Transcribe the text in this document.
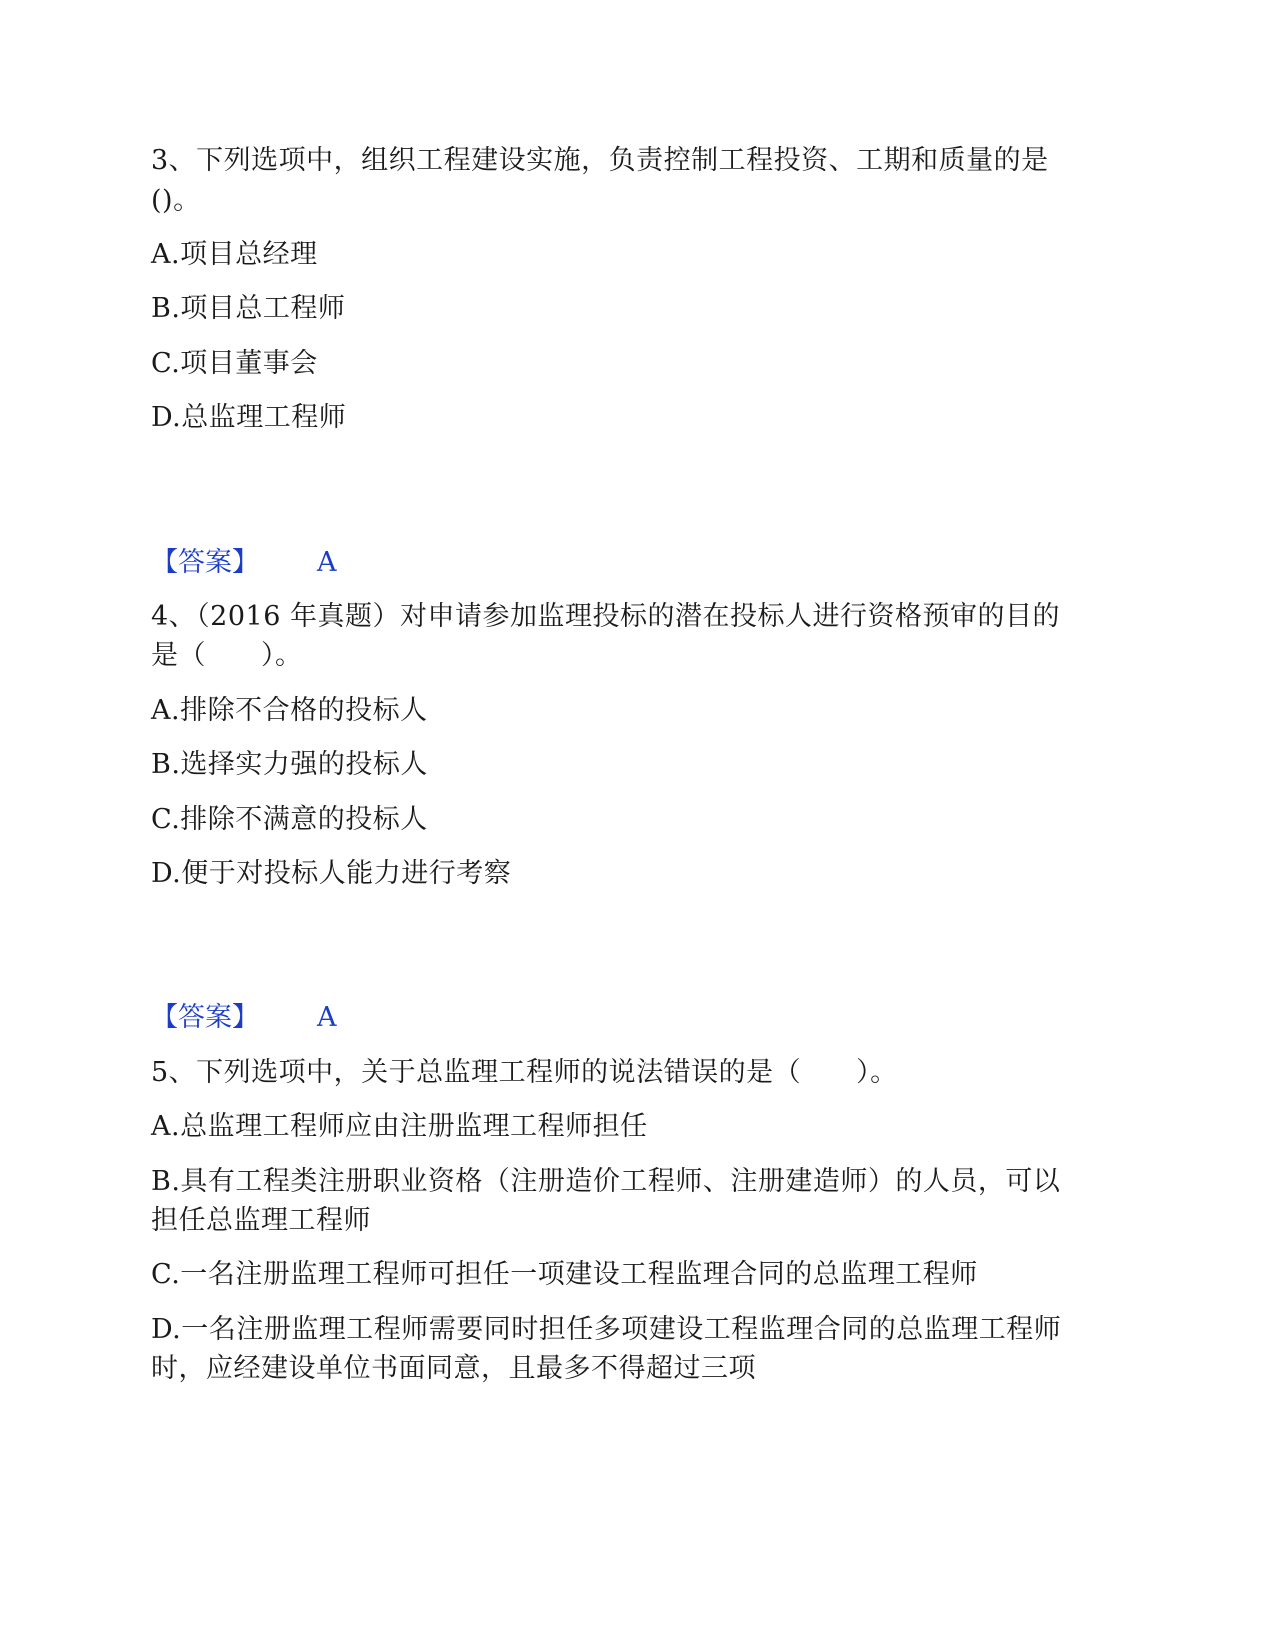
3、下列选项中，组织工程建设实施，负责控制工程投资、工期和质量的是
()。
A.项目总经理
B.项目总工程师
C.项目董事会
D.总监理工程师
【答案】 A
4、（2016 年真题）对申请参加监理投标的潜在投标人进行资格预审的目的
是（　　）。
A.排除不合格的投标人
B.选择实力强的投标人
C.排除不满意的投标人
D.便于对投标人能力进行考察
【答案】 A
5、下列选项中，关于总监理工程师的说法错误的是（　　）。
A.总监理工程师应由注册监理工程师担任
B.具有工程类注册职业资格（注册造价工程师、注册建造师）的人员，可以
担任总监理工程师
C.一名注册监理工程师可担任一项建设工程监理合同的总监理工程师
D.一名注册监理工程师需要同时担任多项建设工程监理合同的总监理工程师
时，应经建设单位书面同意，且最多不得超过三项
